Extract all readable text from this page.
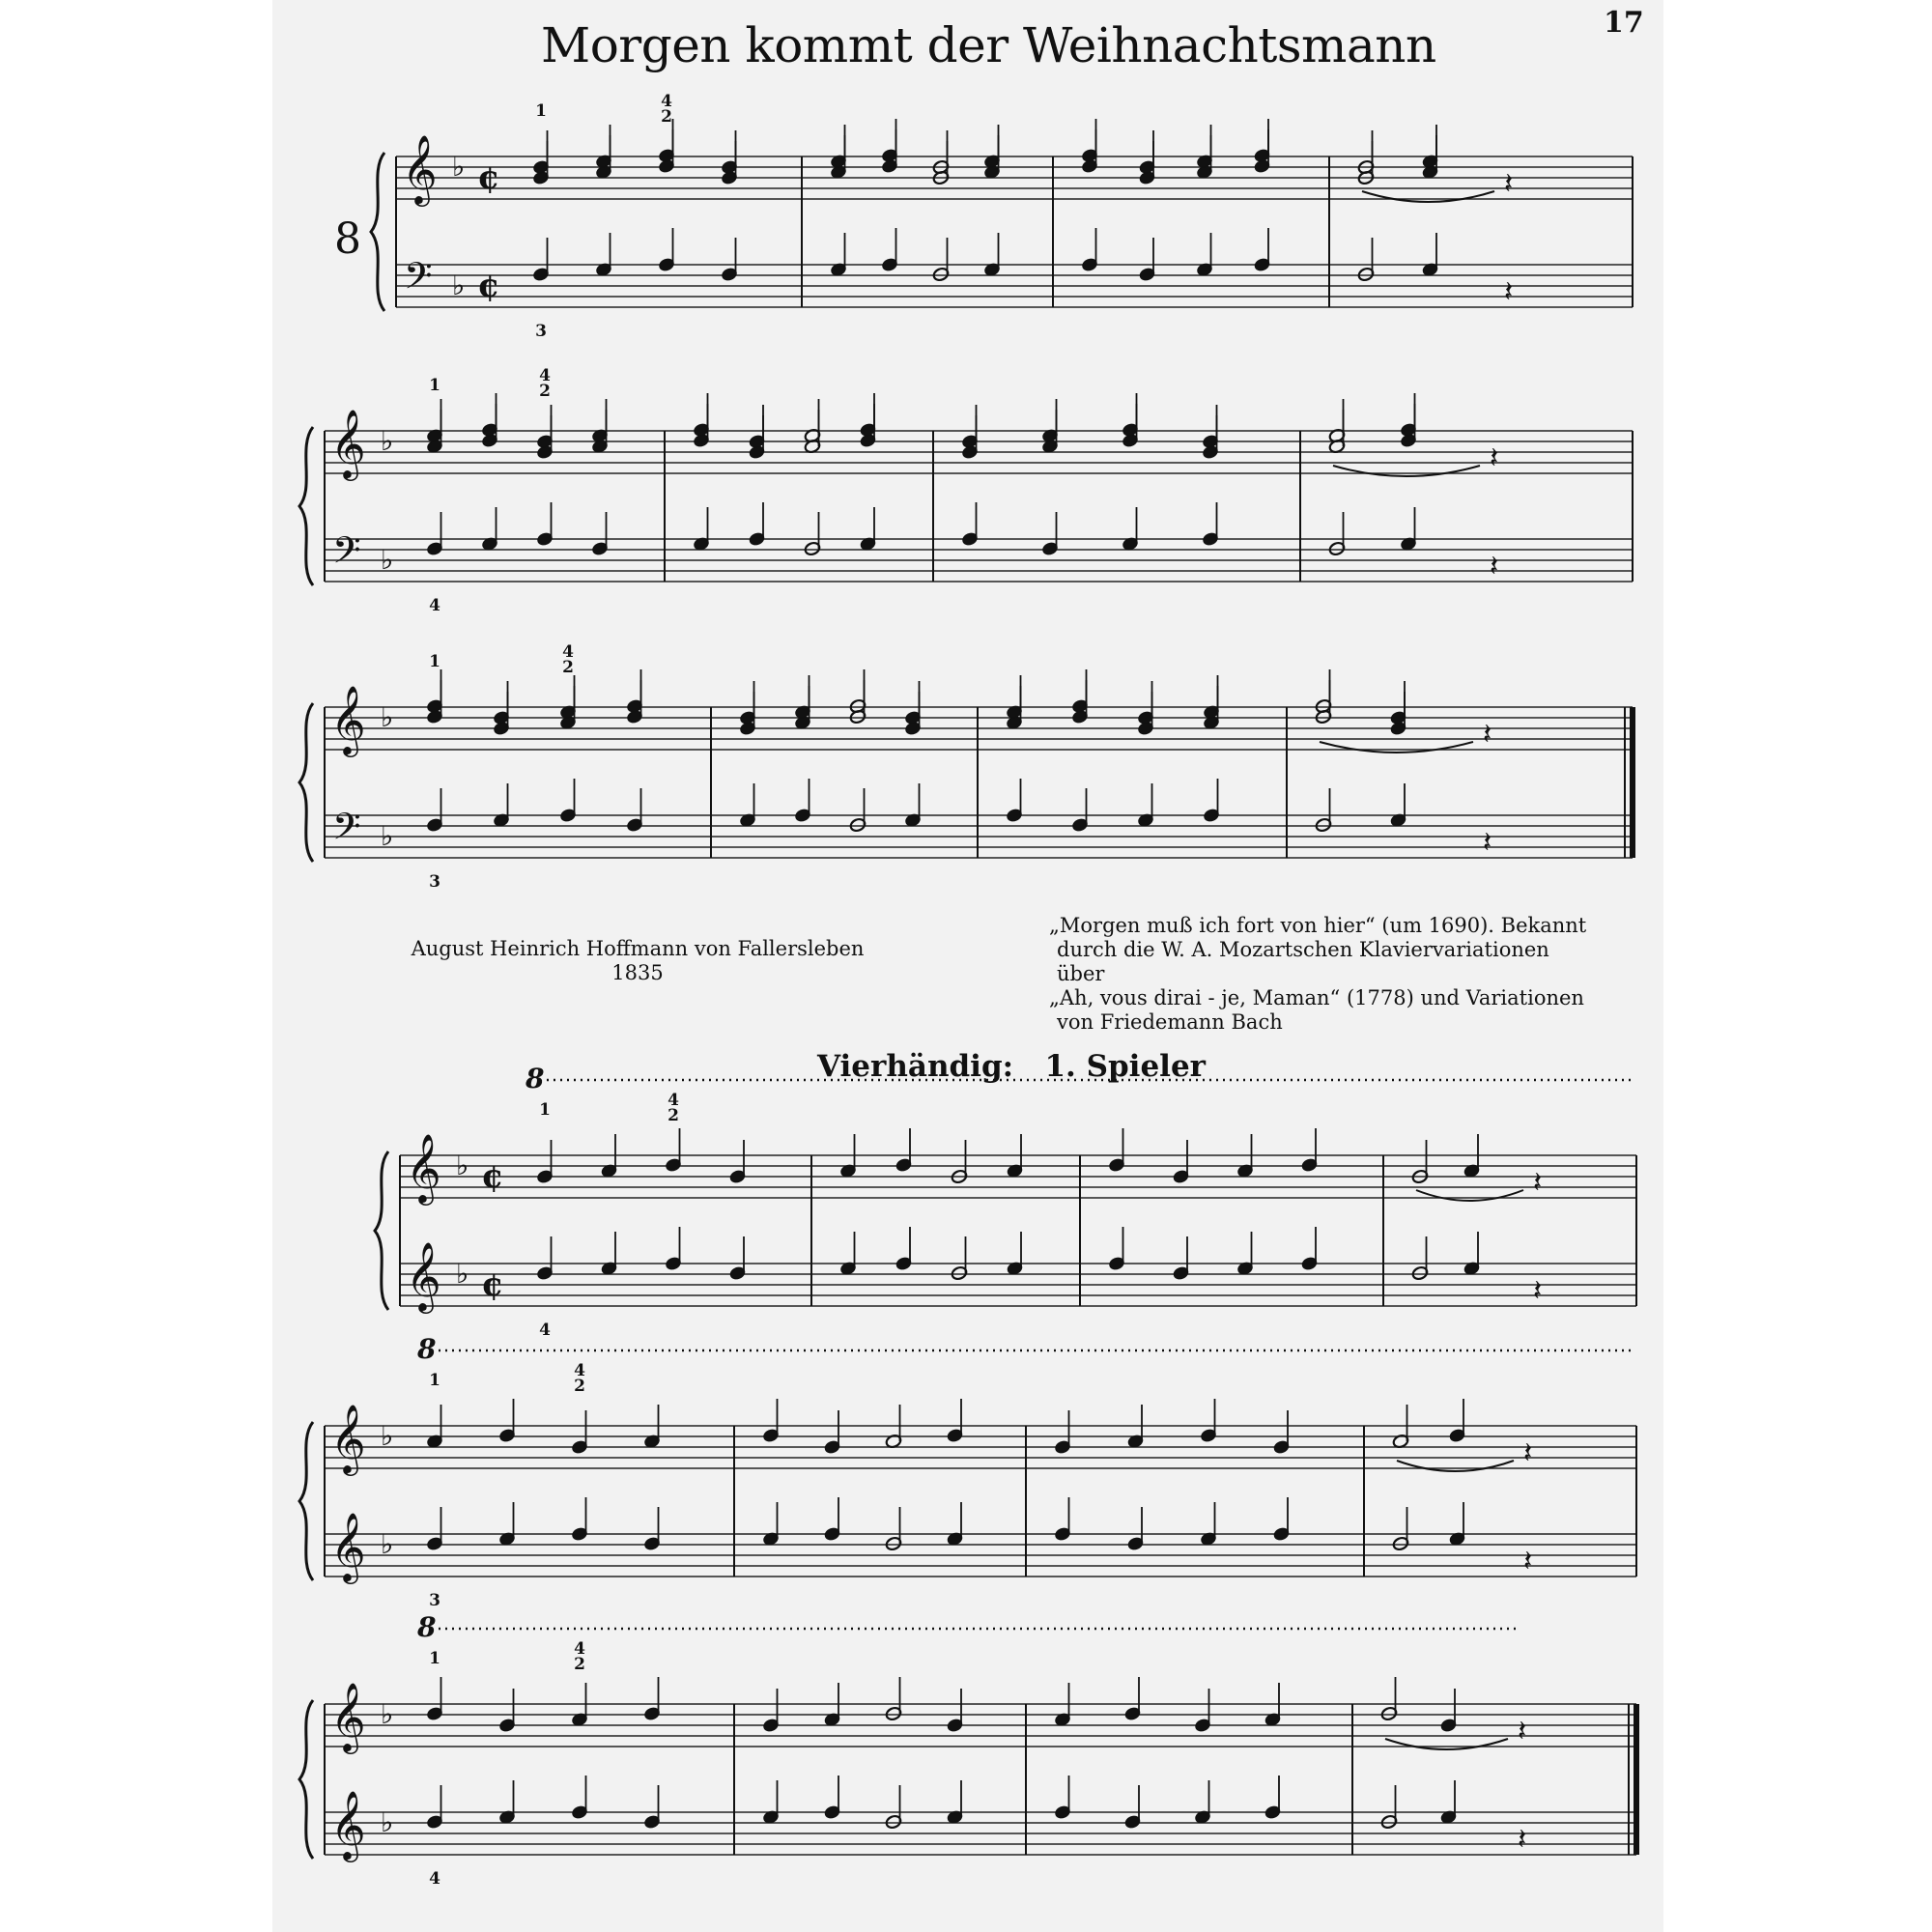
17
Morgen kommt der Weihnachtsmann
8
August Heinrich Hoffmann von Fallersleben
1835
„Morgen muß ich fort von hier“ (um 1690). Bekannt
durch die W. A. Mozartschen Klaviervariationen über
„Ah, vous dirai - je, Maman“ (1778) und Variationen
von Friedemann Bach
Vierhändig:   1. Spieler
𝄞
𝄢
♭
♭
¢
¢
𝄽
𝄽
1	4
2
3
𝄞
𝄢
♭
♭
𝄽
𝄽
1	4
2
4
𝄞
𝄢
♭
♭
𝄽
𝄽
1	4
2
3
𝄞
𝄞
♭
♭
¢
¢
8
𝄽
𝄽
1	4
2
4
𝄞
𝄞
♭
♭
8
𝄽
𝄽
1	4
2
3
𝄞
𝄞
♭
♭
8
𝄽
𝄽
1	4
2
4
